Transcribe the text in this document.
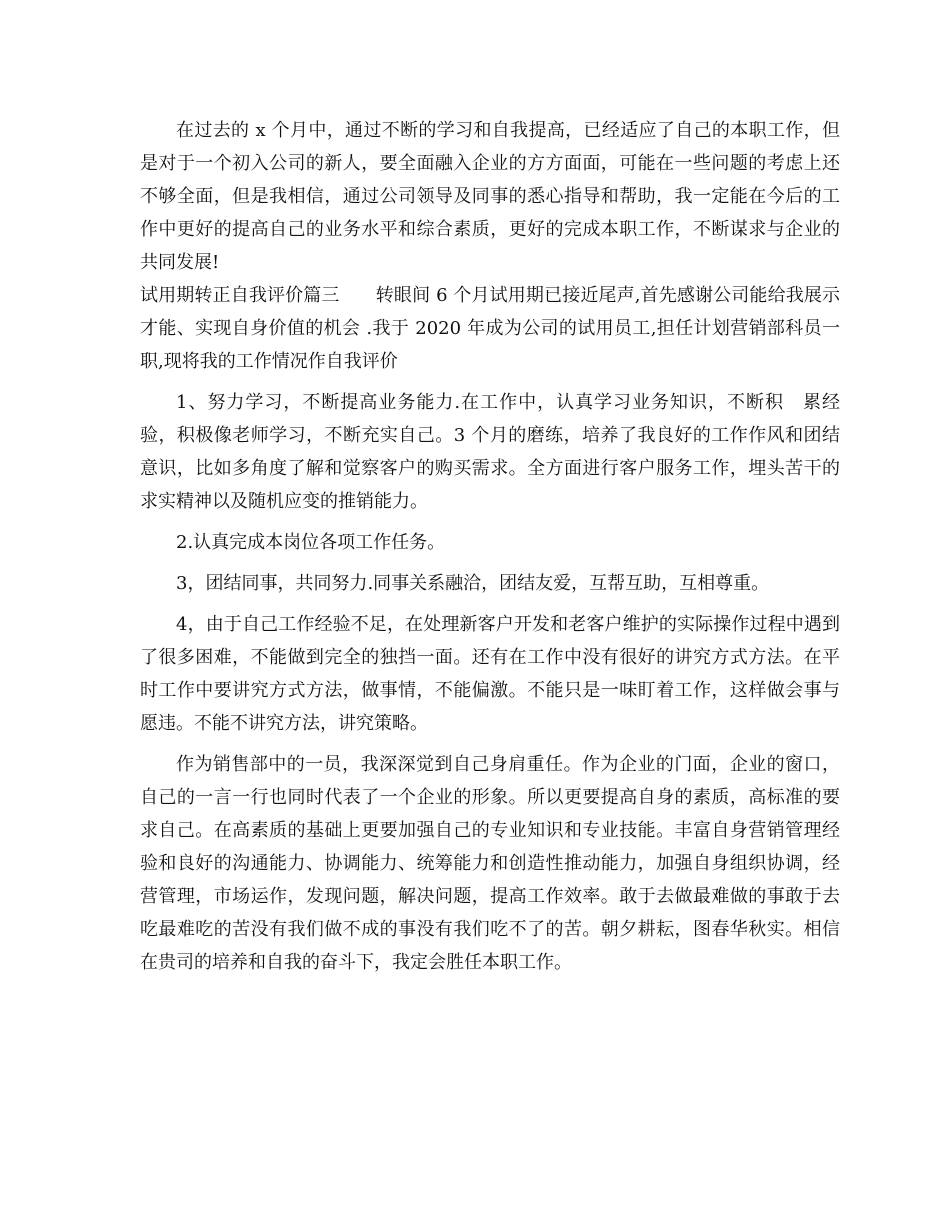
在过去的 x 个月中，通过不断的学习和自我提高，已经适应了自己的本职工作，但是对于一个初入公司的新人，要全面融入企业的方方面面，可能在一些问题的考虑上还不够全面，但是我相信，通过公司领导及同事的悉心指导和帮助，我一定能在今后的工作中更好的提高自己的业务水平和综合素质，更好的完成本职工作，不断谋求与企业的共同发展!

试用期转正自我评价篇三　　转眼间 6 个月试用期已接近尾声,首先感谢公司能给我展示才能、实现自身价值的机会 .我于 2020 年成为公司的试用员工,担任计划营销部科员一职,现将我的工作情况作自我评价

1、努力学习，不断提高业务能力.在工作中，认真学习业务知识，不断积　累经验，积极像老师学习，不断充实自己。3 个月的磨练，培养了我良好的工作作风和团结意识，比如多角度了解和觉察客户的购买需求。全方面进行客户服务工作，埋头苦干的求实精神以及随机应变的推销能力。

2.认真完成本岗位各项工作任务。

3，团结同事，共同努力.同事关系融洽，团结友爱，互帮互助，互相尊重。

4，由于自己工作经验不足，在处理新客户开发和老客户维护的实际操作过程中遇到了很多困难，不能做到完全的独挡一面。还有在工作中没有很好的讲究方式方法。在平时工作中要讲究方式方法，做事情，不能偏激。不能只是一味盯着工作，这样做会事与愿违。不能不讲究方法，讲究策略。

作为销售部中的一员，我深深觉到自己身肩重任。作为企业的门面，企业的窗口，自己的一言一行也同时代表了一个企业的形象。所以更要提高自身的素质，高标准的要求自己。在高素质的基础上更要加强自己的专业知识和专业技能。丰富自身营销管理经验和良好的沟通能力、协调能力、统筹能力和创造性推动能力，加强自身组织协调，经营管理，市场运作，发现问题，解决问题，提高工作效率。敢于去做最难做的事敢于去吃最难吃的苦没有我们做不成的事没有我们吃不了的苦。朝夕耕耘，图春华秋实。相信在贵司的培养和自我的奋斗下，我定会胜任本职工作。
